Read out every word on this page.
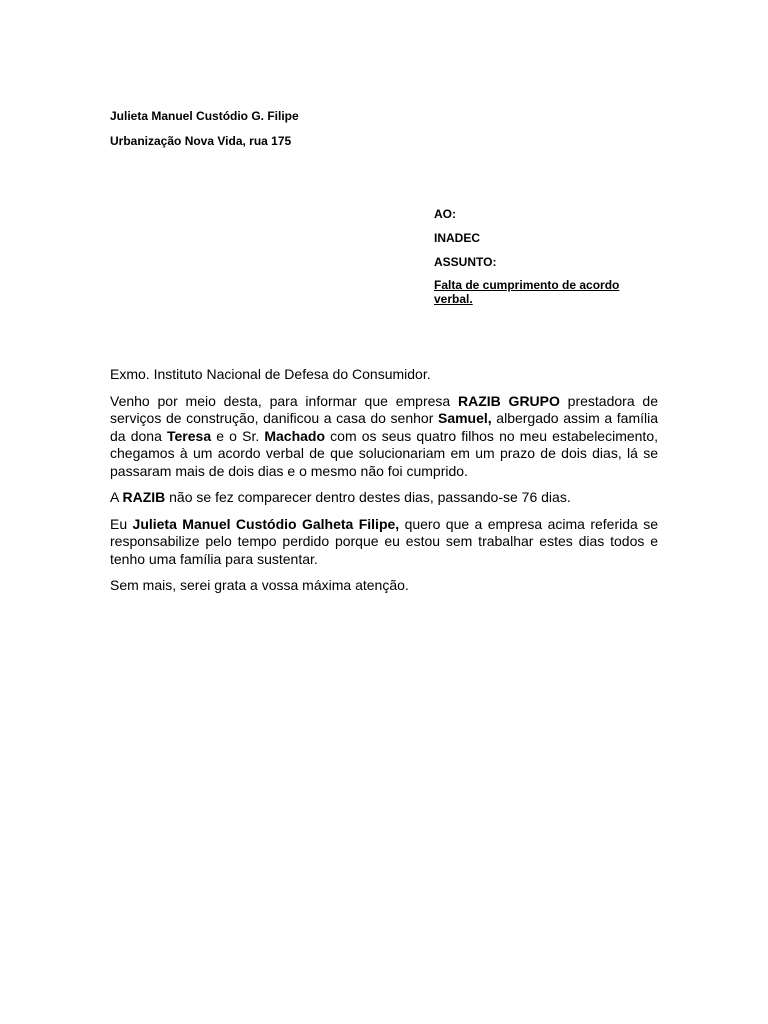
Julieta Manuel Custódio G. Filipe
Urbanização Nova Vida, rua 175
AO:
INADEC
ASSUNTO:
Falta de cumprimento de acordo verbal.

Exmo. Instituto Nacional de Defesa do Consumidor.

Venho por meio desta, para informar que empresa RAZIB GRUPO prestadora de serviços de construção, danificou a casa do senhor Samuel, albergado assim a família da dona Teresa e o Sr. Machado com os seus quatro filhos no meu estabelecimento, chegamos à um acordo verbal de que solucionariam em um prazo de dois dias, lá se passaram mais de dois dias e o mesmo não foi cumprido.

A RAZIB não se fez comparecer dentro destes dias, passando-se 76 dias.

Eu Julieta Manuel Custódio Galheta Filipe, quero que a empresa acima referida se responsabilize pelo tempo perdido porque eu estou sem trabalhar estes dias todos e tenho uma família para sustentar.

Sem mais, serei grata a vossa máxima atenção.
